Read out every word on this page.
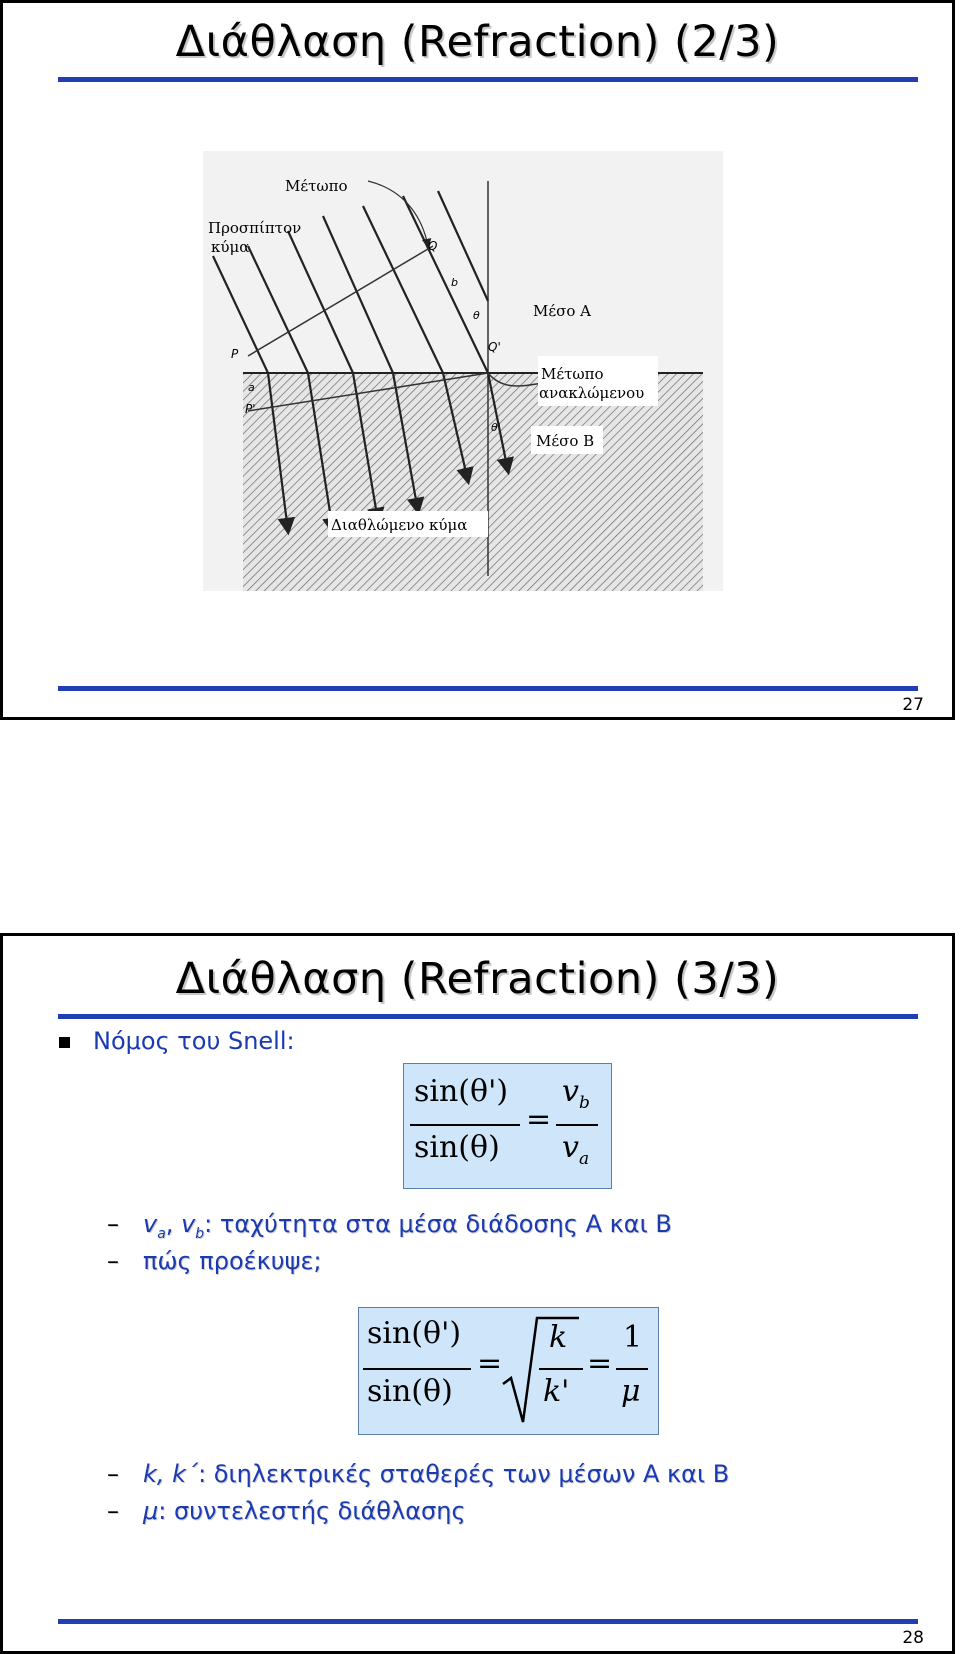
Διάθλαση (Refraction) (2/3)
Μέτωπο
Προσπίπτον
κύμα
Μέσο Α
Μέτωπο
ανακλώμενου
Μέσο Β
Διαθλώμενο κύμα
Q
Q'
P
P'
b
a
θ
θ'
27
Διάθλαση (Refraction) (3/3)
Νόμος του Snell:
sin(θ')
sin(θ)
=
$v_b$
$v_a$
– $v_a$, $v_b$: ταχύτητα στα μέσα διάδοσης Α και Β
– πώς προέκυψε;
sin(θ')
sin(θ)
=
k
k'
=
1
μ
– k, k΄: διηλεκτρικές σταθερές των μέσων Α και Β
– μ: συντελεστής διάθλασης
28
